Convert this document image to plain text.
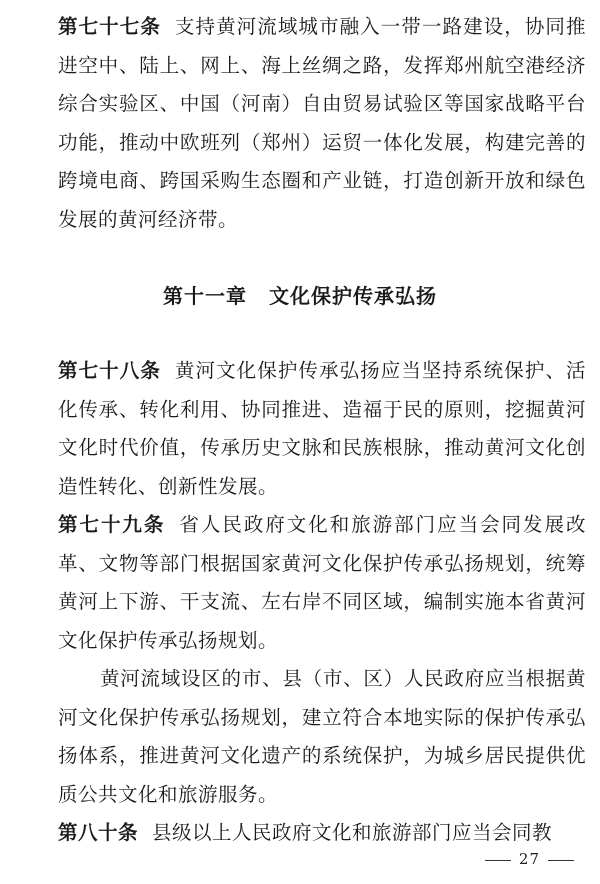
第七十七条 支持黄河流域城市融入一带一路建设，协同推进空中、陆上、网上、海上丝绸之路，发挥郑州航空港经济综合实验区、中国（河南）自由贸易试验区等国家战略平台功能，推动中欧班列（郑州）运贸一体化发展，构建完善的跨境电商、跨国采购生态圈和产业链，打造创新开放和绿色发展的黄河经济带。

第十一章 文化保护传承弘扬

第七十八条 黄河文化保护传承弘扬应当坚持系统保护、活化传承、转化利用、协同推进、造福于民的原则，挖掘黄河文化时代价值，传承历史文脉和民族根脉，推动黄河文化创造性转化、创新性发展。

第七十九条 省人民政府文化和旅游部门应当会同发展改革、文物等部门根据国家黄河文化保护传承弘扬规划，统筹黄河上下游、干支流、左右岸不同区域，编制实施本省黄河文化保护传承弘扬规划。

黄河流域设区的市、县（市、区）人民政府应当根据黄河文化保护传承弘扬规划，建立符合本地实际的保护传承弘扬体系，推进黄河文化遗产的系统保护，为城乡居民提供优质公共文化和旅游服务。

第八十条 县级以上人民政府文化和旅游部门应当会同教

27
